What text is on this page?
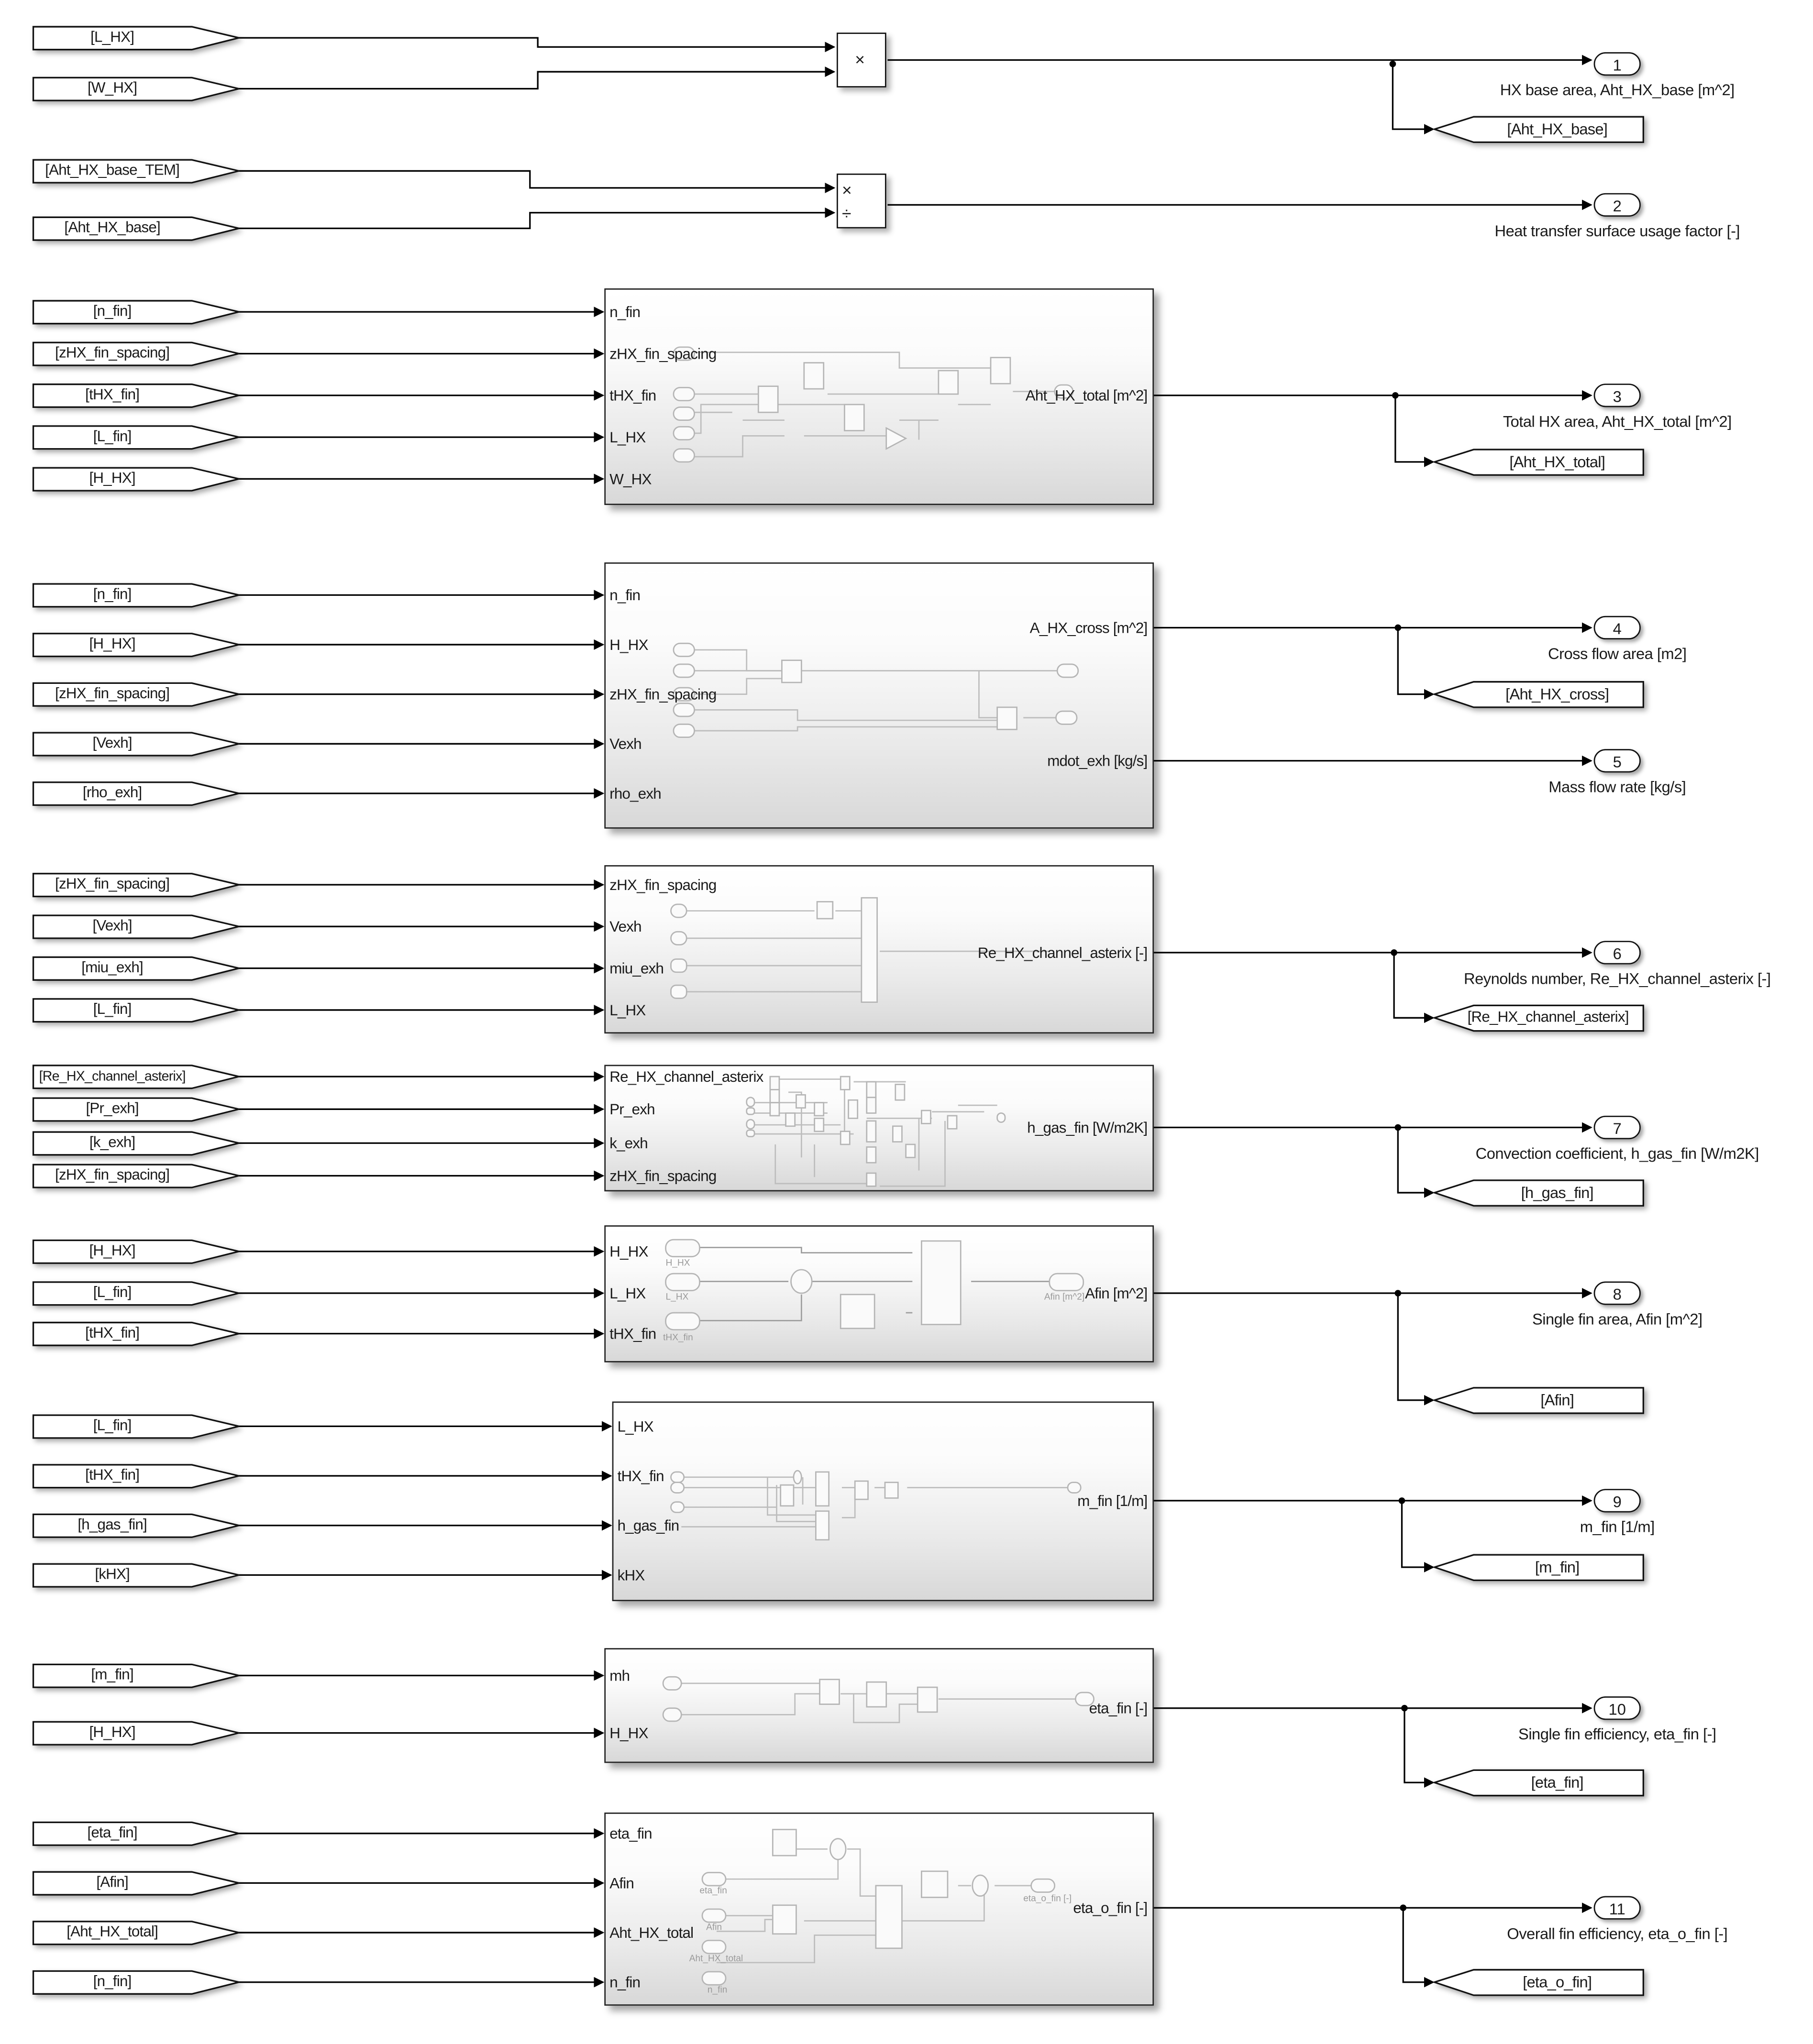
[L_HX]
[W_HX]
[Aht_HX_base_TEM]
[Aht_HX_base]
[n_fin]
[zHX_fin_spacing]
[tHX_fin]
[L_fin]
[H_HX]
[n_fin]
[H_HX]
[zHX_fin_spacing]
[Vexh]
[rho_exh]
[zHX_fin_spacing]
[Vexh]
[miu_exh]
[L_fin]
[Re_HX_channel_asterix]
[Pr_exh]
[k_exh]
[zHX_fin_spacing]
[H_HX]
[L_fin]
[tHX_fin]
[L_fin]
[tHX_fin]
[h_gas_fin]
[kHX]
[m_fin]
[H_HX]
[eta_fin]
[Afin]
[Aht_HX_total]
[n_fin]
×
×
÷
n_fin
zHX_fin_spacing
tHX_fin
L_HX
W_HX
Aht_HX_total [m^2]
n_fin
H_HX
zHX_fin_spacing
Vexh
rho_exh
A_HX_cross [m^2]
mdot_exh [kg/s]
zHX_fin_spacing
Vexh
miu_exh
L_HX
Re_HX_channel_asterix [-]
Re_HX_channel_asterix
Pr_exh
k_exh
zHX_fin_spacing
h_gas_fin [W/m2K]
H_HX
L_HX
tHX_fin
Afin [m^2]
H_HX
L_HX
tHX_fin
Afin [m^2]
L_HX
tHX_fin
h_gas_fin
kHX
m_fin [1/m]
mh
H_HX
eta_fin [-]
eta_fin
Afin
Aht_HX_total
n_fin
eta_o_fin [-]
eta_fin
Afin
Aht_HX_total
n_fin
eta_o_fin [-]
1
HX base area, Aht_HX_base [m^2]
2
Heat transfer surface usage factor [-]
3
Total HX area, Aht_HX_total [m^2]
4
Cross flow area [m2]
5
Mass flow rate [kg/s]
6
Reynolds number, Re_HX_channel_asterix [-]
7
Convection coefficient, h_gas_fin [W/m2K]
8
Single fin area, Afin [m^2]
9
m_fin [1/m]
10
Single fin efficiency, eta_fin [-]
11
Overall fin efficiency, eta_o_fin [-]
[Aht_HX_base]
[Aht_HX_total]
[Aht_HX_cross]
[Re_HX_channel_asterix]
[h_gas_fin]
[Afin]
[m_fin]
[eta_fin]
[eta_o_fin]
